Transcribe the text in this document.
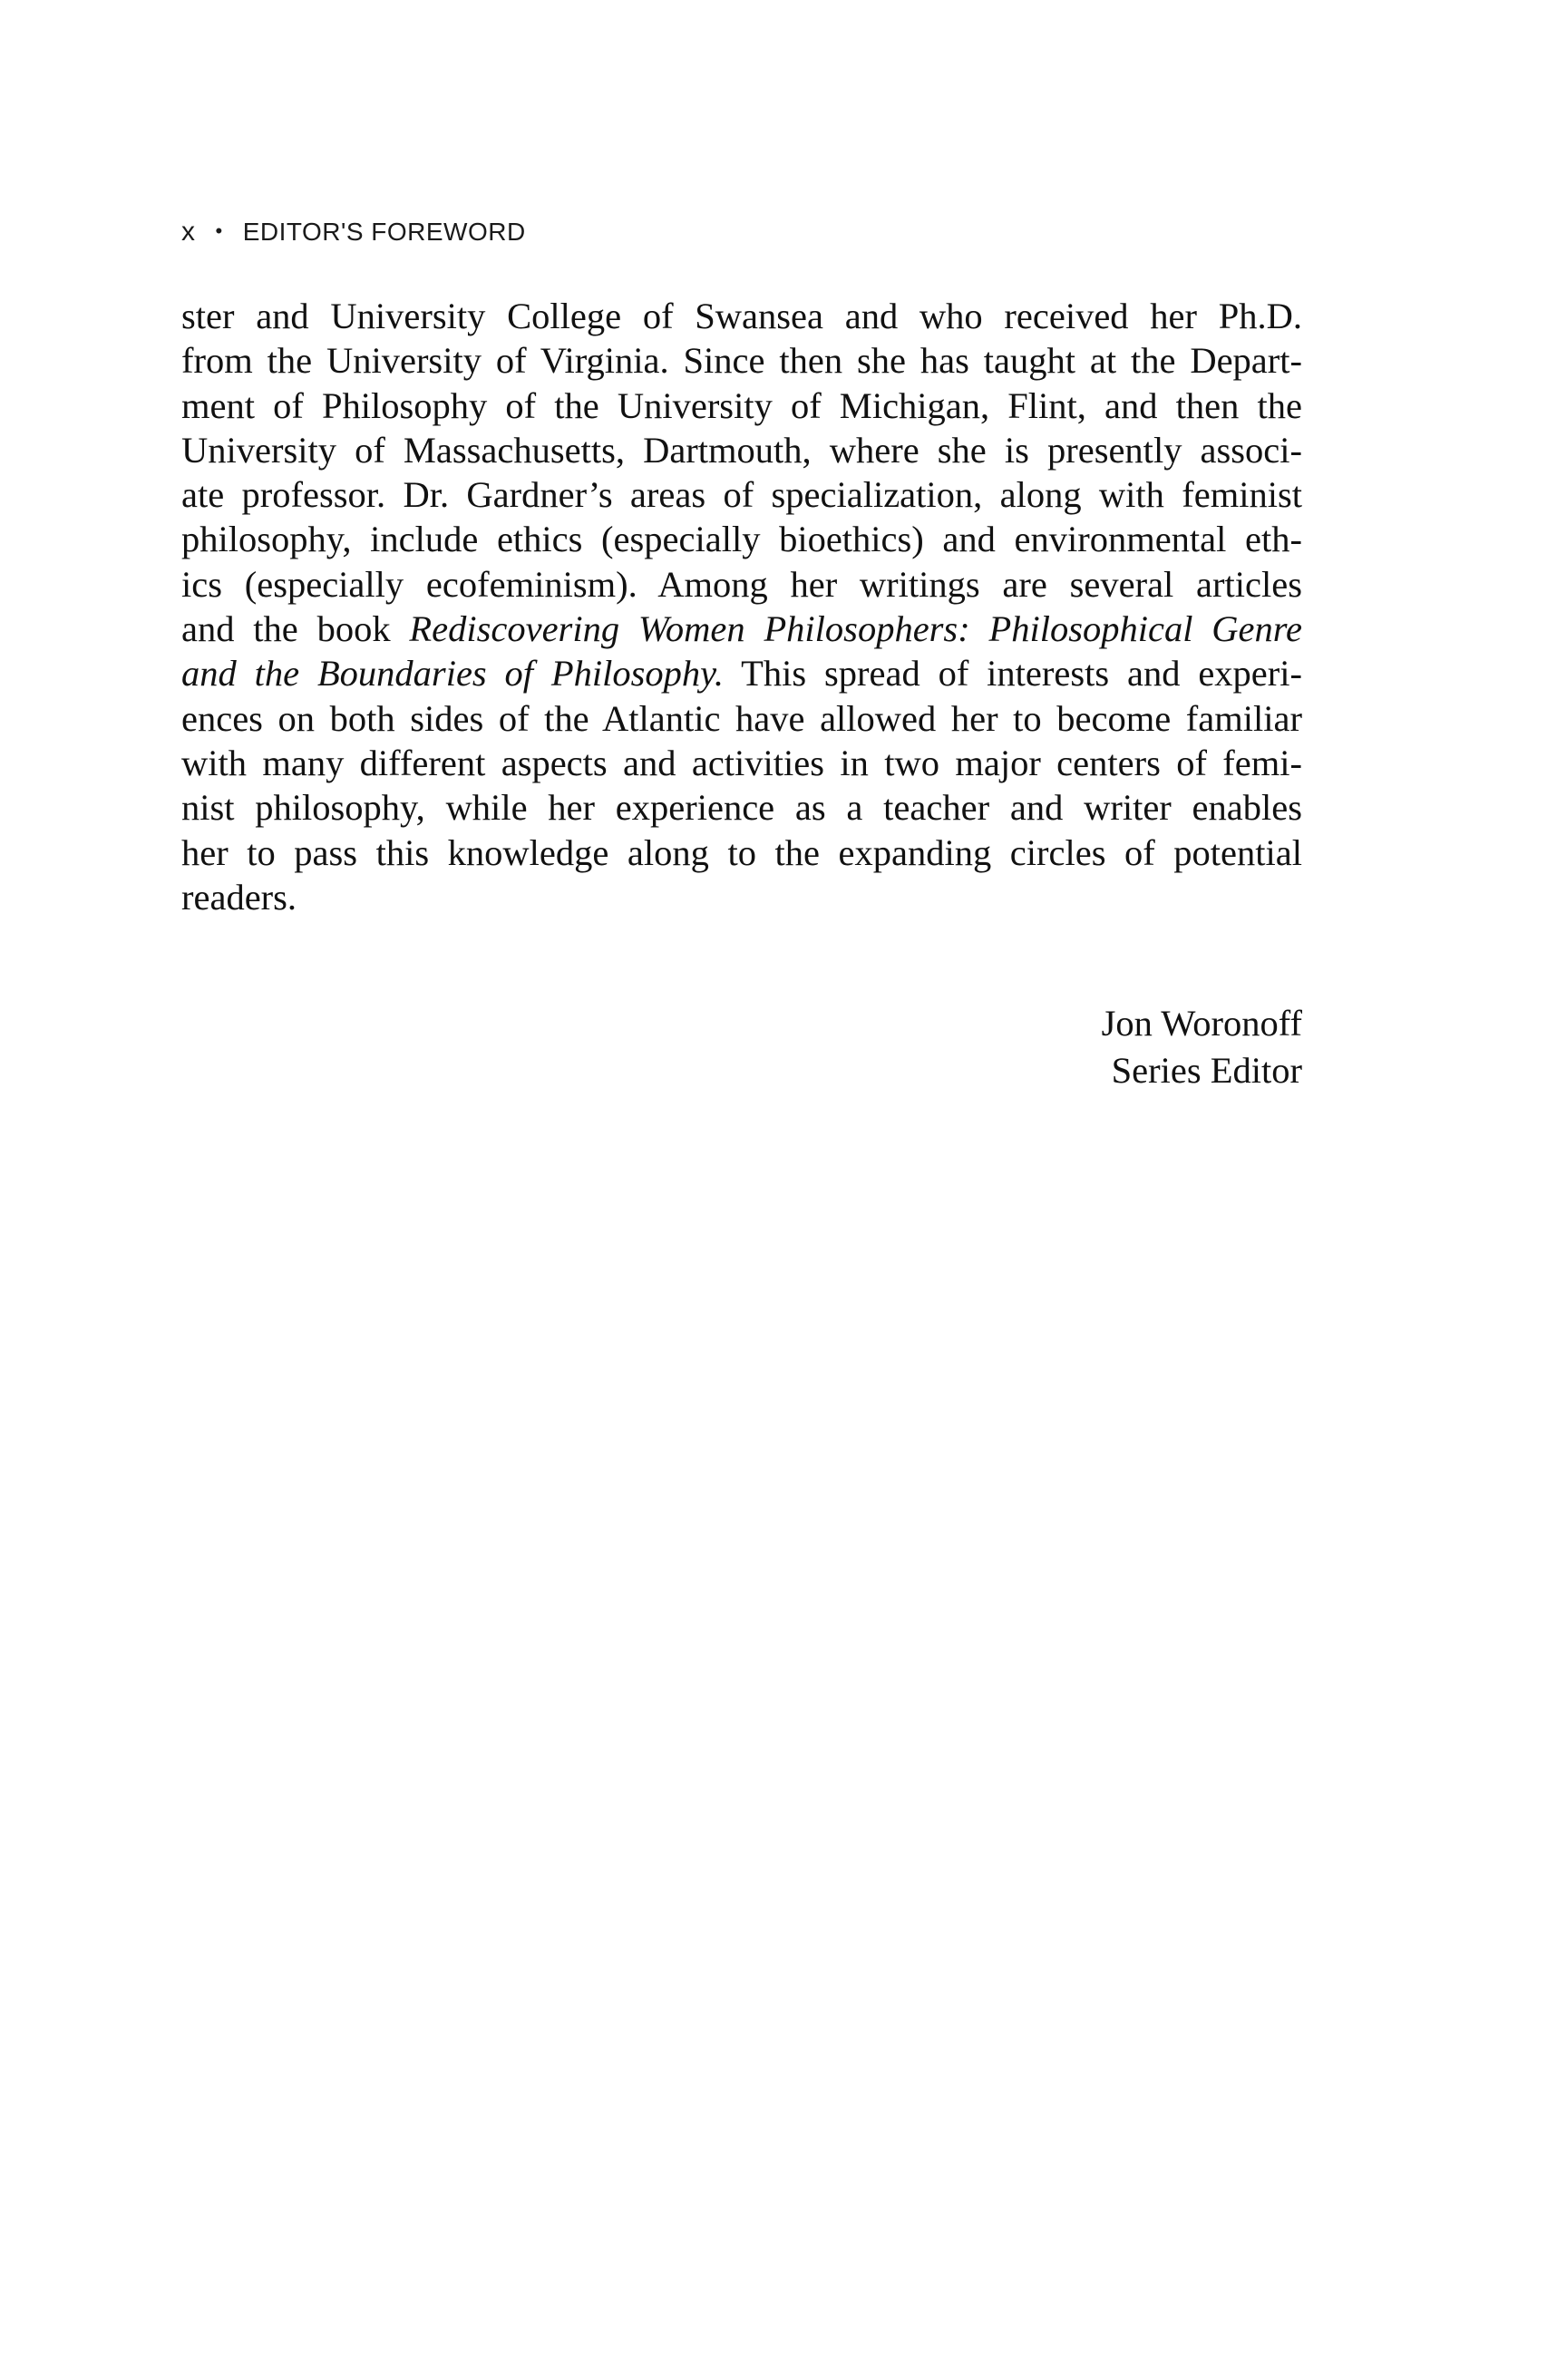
x • EDITOR'S FOREWORD
ster and University College of Swansea and who received her Ph.D.
from the University of Virginia. Since then she has taught at the Depart-
ment of Philosophy of the University of Michigan, Flint, and then the
University of Massachusetts, Dartmouth, where she is presently associ-
ate professor. Dr. Gardner’s areas of specialization, along with feminist
philosophy, include ethics (especially bioethics) and environmental eth-
ics (especially ecofeminism). Among her writings are several articles
and the book Rediscovering Women Philosophers: Philosophical Genre
and the Boundaries of Philosophy. This spread of interests and experi-
ences on both sides of the Atlantic have allowed her to become familiar
with many different aspects and activities in two major centers of femi-
nist philosophy, while her experience as a teacher and writer enables
her to pass this knowledge along to the expanding circles of potential
readers.
Jon Woronoff
Series Editor
